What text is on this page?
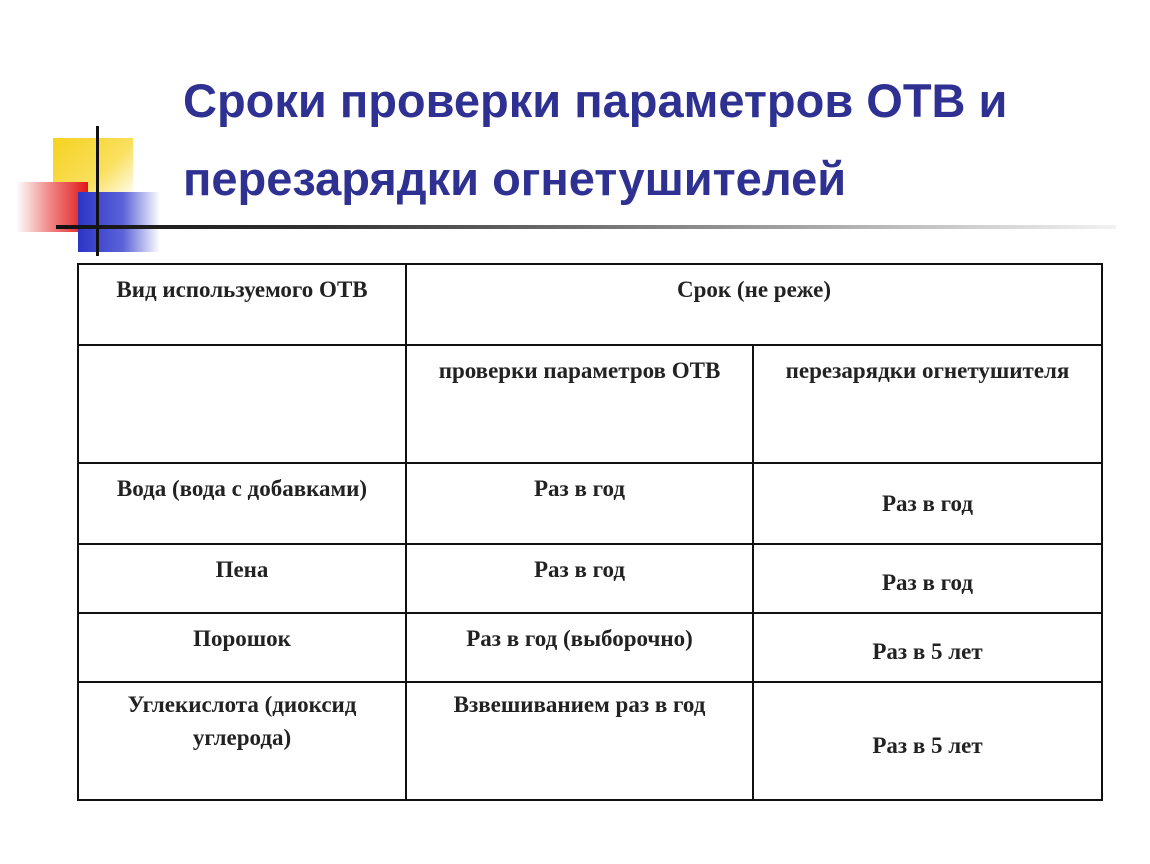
Сроки проверки параметров ОТВ и
перезарядки огнетушителей
Вид используемого ОТВ	Срок (не реже)	
	проверки параметров ОТВ	перезарядки огнетушителя
Вода (вода с добавками)	Раз в год	Раз в год
Пена	Раз в год	Раз в год
Порошок	Раз в год (выборочно)	Раз в 5 лет
Углекислота (диоксид углерода)	Взвешиванием раз в год	Раз в 5 лет
